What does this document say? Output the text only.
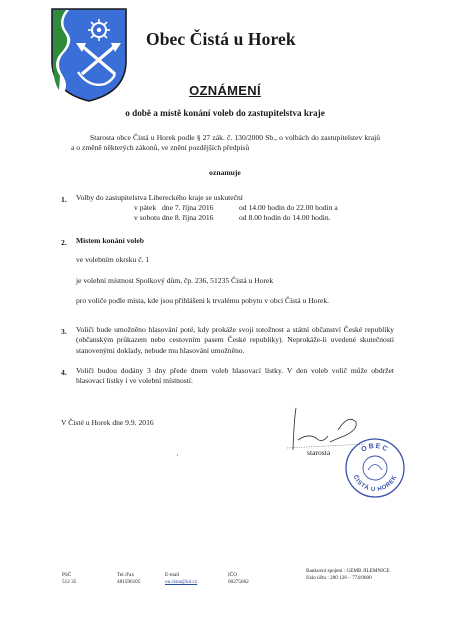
Obec Čistá u Horek
OZNÁMENÍ
o době a místě konání voleb do zastupitelstva kraje
Starosta obce Čistá u Horek podle § 27 zák. č. 130/2000 Sb., o volbách do zastupitelstev krajů a o změně některých zákonů, ve znění pozdějších předpisů
oznamuje
1. Volby do zastupitelstva Libereckého kraje se uskuteční
v pátek dne 7. října 2016	od 14.00 hodin do 22.00 hodin a
v sobotu dne 8. října 2016	od 8.00 hodin do 14.00 hodin.
2. Místem konání voleb
ve volebním okrsku č. 1
je volební místnost Spolkový dům, čp. 236, 51235 Čistá u Horek
pro voliče podle místa, kde jsou přihlášeni k trvalému pobytu v obci Čistá u Horek.
3. Voliči bude umožněno hlasování poté, kdy prokáže svoji totožnost a státní občanství České republiky (občanským průkazem nebo cestovním pasem České republiky). Neprokáže-li uvedené skutečnosti stanovenými doklady, nebude mu hlasování umožněno.
4. Voliči budou dodány 3 dny přede dnem voleb hlasovací lístky. V den voleb volič může obdržet hlasovací lístky i ve volební místnosti.
V Čisté u Horek dne 9.9. 2016
·	starosta	OBEC
ČISTÁ U HOREK
PSČ
512 35
Tel./Fax
481596105
E-mail
ou.cista@iol.cz
IČO
00275662
Bankovní spojení : GEMB JILEMNICE
číslo účtu : 280 126 – 774/0600
